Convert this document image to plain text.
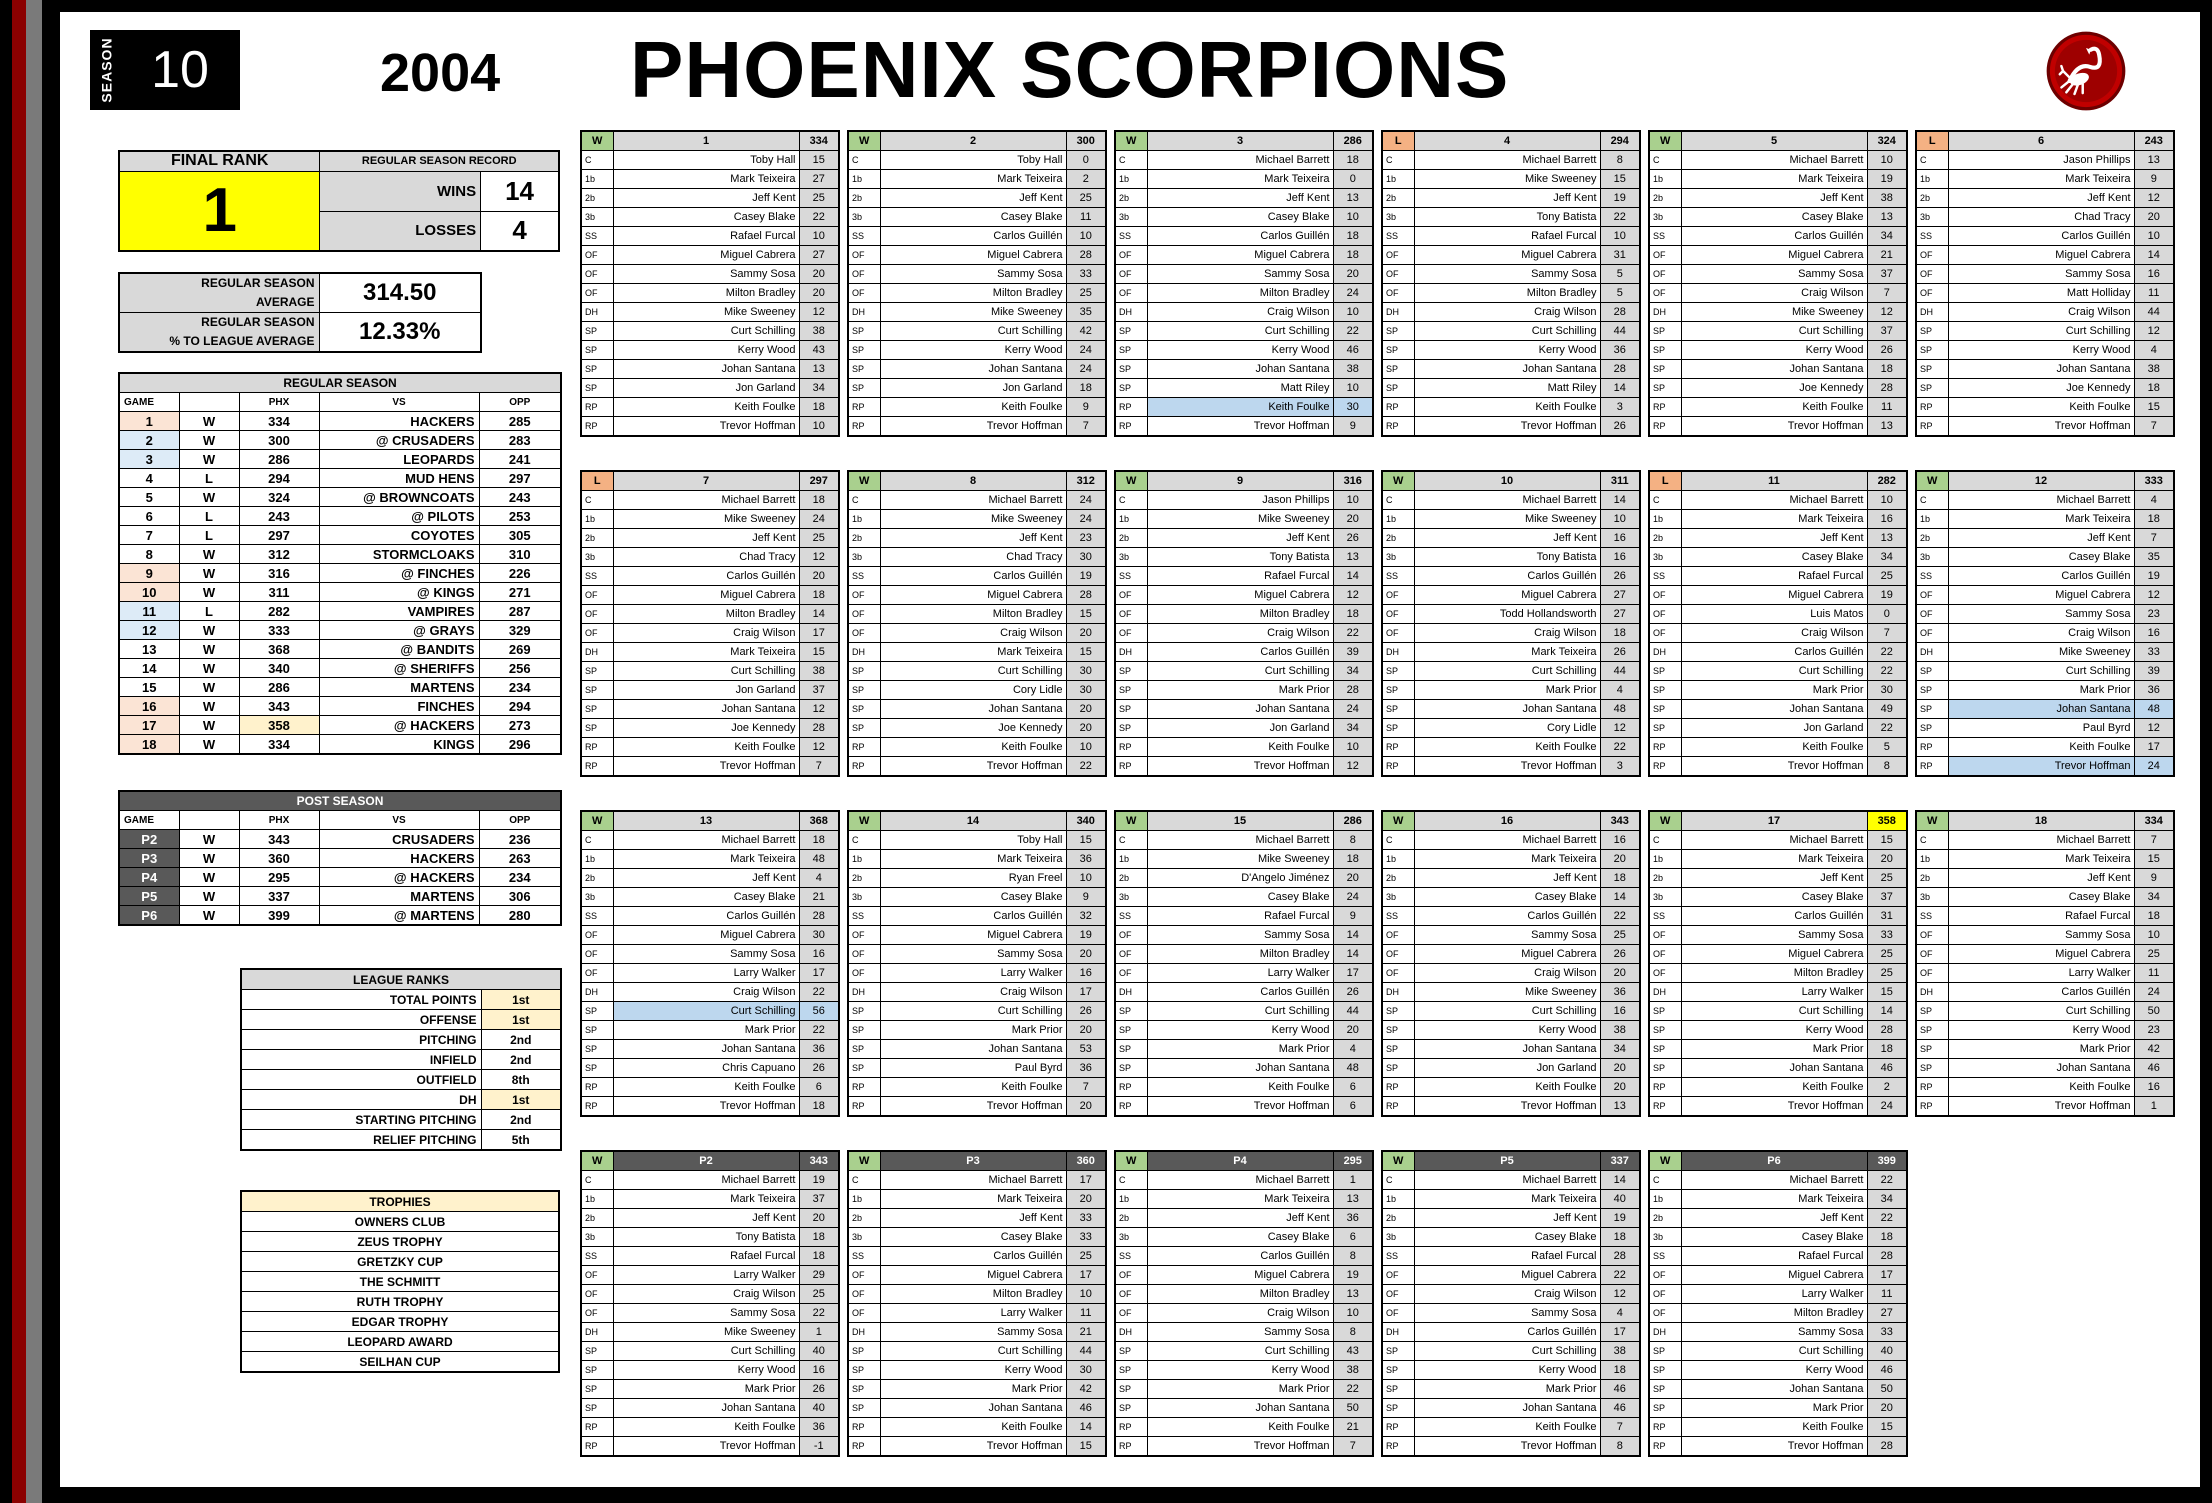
SEASON 10	2004 PHOENIX SCORPIONS
FINAL RANK	REGULAR SEASON RECORD	
1	WINS	14
	LOSSES	4
REGULAR SEASON
AVERAGE	314.50
REGULAR SEASON
% TO LEAGUE AVERAGE	12.33%
REGULAR SEASON				
GAME		PHX	VS	OPP
1	W	334	HACKERS	285
2	W	300	@ CRUSADERS	283
3	W	286	LEOPARDS	241
4	L	294	MUD HENS	297
5	W	324	@ BROWNCOATS	243
6	L	243	@ PILOTS	253
7	L	297	COYOTES	305
8	W	312	STORMCLOAKS	310
9	W	316	@ FINCHES	226
10	W	311	@ KINGS	271
11	L	282	VAMPIRES	287
12	W	333	@ GRAYS	329
13	W	368	@ BANDITS	269
14	W	340	@ SHERIFFS	256
15	W	286	MARTENS	234
16	W	343	FINCHES	294
17	W	358	@ HACKERS	273
18	W	334	KINGS	296
POST SEASON				
GAME		PHX	VS	OPP
P2	W	343	CRUSADERS	236
P3	W	360	HACKERS	263
P4	W	295	@ HACKERS	234
P5	W	337	MARTENS	306
P6	W	399	@ MARTENS	280
LEAGUE RANKS	
TOTAL POINTS	1st
OFFENSE	1st
PITCHING	2nd
INFIELD	2nd
OUTFIELD	8th
DH	1st
STARTING PITCHING	2nd
RELIEF PITCHING	5th
TROPHIES
OWNERS CLUB
ZEUS TROPHY
GRETZKY CUP
THE SCHMITT
RUTH TROPHY
EDGAR TROPHY
LEOPARD AWARD
SEILHAN CUP
W	1	334
C	Toby Hall	15
1b	Mark Teixeira	27
2b	Jeff Kent	25
3b	Casey Blake	22
SS	Rafael Furcal	10
OF	Miguel Cabrera	27
OF	Sammy Sosa	20
OF	Milton Bradley	20
DH	Mike Sweeney	12
SP	Curt Schilling	38
SP	Kerry Wood	43
SP	Johan Santana	13
SP	Jon Garland	34
RP	Keith Foulke	18
RP	Trevor Hoffman	10
W	2	300
C	Toby Hall	0
1b	Mark Teixeira	2
2b	Jeff Kent	25
3b	Casey Blake	11
SS	Carlos Guillén	10
OF	Miguel Cabrera	28
OF	Sammy Sosa	33
OF	Milton Bradley	25
DH	Mike Sweeney	35
SP	Curt Schilling	42
SP	Kerry Wood	24
SP	Johan Santana	24
SP	Jon Garland	18
RP	Keith Foulke	9
RP	Trevor Hoffman	7
W	3	286
C	Michael Barrett	18
1b	Mark Teixeira	0
2b	Jeff Kent	13
3b	Casey Blake	10
SS	Carlos Guillén	18
OF	Miguel Cabrera	18
OF	Sammy Sosa	20
OF	Milton Bradley	24
DH	Craig Wilson	10
SP	Curt Schilling	22
SP	Kerry Wood	46
SP	Johan Santana	38
SP	Matt Riley	10
RP	Keith Foulke	30
RP	Trevor Hoffman	9
L	4	294
C	Michael Barrett	8
1b	Mike Sweeney	15
2b	Jeff Kent	19
3b	Tony Batista	22
SS	Rafael Furcal	10
OF	Miguel Cabrera	31
OF	Sammy Sosa	5
OF	Milton Bradley	5
DH	Craig Wilson	28
SP	Curt Schilling	44
SP	Kerry Wood	36
SP	Johan Santana	28
SP	Matt Riley	14
RP	Keith Foulke	3
RP	Trevor Hoffman	26
W	5	324
C	Michael Barrett	10
1b	Mark Teixeira	19
2b	Jeff Kent	38
3b	Casey Blake	13
SS	Carlos Guillén	34
OF	Miguel Cabrera	21
OF	Sammy Sosa	37
OF	Craig Wilson	7
DH	Mike Sweeney	12
SP	Curt Schilling	37
SP	Kerry Wood	26
SP	Johan Santana	18
SP	Joe Kennedy	28
RP	Keith Foulke	11
RP	Trevor Hoffman	13
L	6	243
C	Jason Phillips	13
1b	Mark Teixeira	9
2b	Jeff Kent	12
3b	Chad Tracy	20
SS	Carlos Guillén	10
OF	Miguel Cabrera	14
OF	Sammy Sosa	16
OF	Matt Holliday	11
DH	Craig Wilson	44
SP	Curt Schilling	12
SP	Kerry Wood	4
SP	Johan Santana	38
SP	Joe Kennedy	18
RP	Keith Foulke	15
RP	Trevor Hoffman	7
L	7	297
C	Michael Barrett	18
1b	Mike Sweeney	24
2b	Jeff Kent	25
3b	Chad Tracy	12
SS	Carlos Guillén	20
OF	Miguel Cabrera	18
OF	Milton Bradley	14
OF	Craig Wilson	17
DH	Mark Teixeira	15
SP	Curt Schilling	38
SP	Jon Garland	37
SP	Johan Santana	12
SP	Joe Kennedy	28
RP	Keith Foulke	12
RP	Trevor Hoffman	7
W	8	312
C	Michael Barrett	24
1b	Mike Sweeney	24
2b	Jeff Kent	23
3b	Chad Tracy	30
SS	Carlos Guillén	19
OF	Miguel Cabrera	28
OF	Milton Bradley	15
OF	Craig Wilson	20
DH	Mark Teixeira	15
SP	Curt Schilling	30
SP	Cory Lidle	30
SP	Johan Santana	20
SP	Joe Kennedy	20
RP	Keith Foulke	10
RP	Trevor Hoffman	22
W	9	316
C	Jason Phillips	10
1b	Mike Sweeney	20
2b	Jeff Kent	26
3b	Tony Batista	13
SS	Rafael Furcal	14
OF	Miguel Cabrera	12
OF	Milton Bradley	18
OF	Craig Wilson	22
DH	Carlos Guillén	39
SP	Curt Schilling	34
SP	Mark Prior	28
SP	Johan Santana	24
SP	Jon Garland	34
RP	Keith Foulke	10
RP	Trevor Hoffman	12
W	10	311
C	Michael Barrett	14
1b	Mike Sweeney	10
2b	Jeff Kent	16
3b	Tony Batista	16
SS	Carlos Guillén	26
OF	Miguel Cabrera	27
OF	Todd Hollandsworth	27
OF	Craig Wilson	18
DH	Mark Teixeira	26
SP	Curt Schilling	44
SP	Mark Prior	4
SP	Johan Santana	48
SP	Cory Lidle	12
RP	Keith Foulke	22
RP	Trevor Hoffman	3
L	11	282
C	Michael Barrett	10
1b	Mark Teixeira	16
2b	Jeff Kent	13
3b	Casey Blake	34
SS	Rafael Furcal	25
OF	Miguel Cabrera	19
OF	Luis Matos	0
OF	Craig Wilson	7
DH	Carlos Guillén	22
SP	Curt Schilling	22
SP	Mark Prior	30
SP	Johan Santana	49
SP	Jon Garland	22
RP	Keith Foulke	5
RP	Trevor Hoffman	8
W	12	333
C	Michael Barrett	4
1b	Mark Teixeira	18
2b	Jeff Kent	7
3b	Casey Blake	35
SS	Carlos Guillén	19
OF	Miguel Cabrera	12
OF	Sammy Sosa	23
OF	Craig Wilson	16
DH	Mike Sweeney	33
SP	Curt Schilling	39
SP	Mark Prior	36
SP	Johan Santana	48
SP	Paul Byrd	12
RP	Keith Foulke	17
RP	Trevor Hoffman	24
W	13	368
C	Michael Barrett	18
1b	Mark Teixeira	48
2b	Jeff Kent	4
3b	Casey Blake	21
SS	Carlos Guillén	28
OF	Miguel Cabrera	30
OF	Sammy Sosa	16
OF	Larry Walker	17
DH	Craig Wilson	22
SP	Curt Schilling	56
SP	Mark Prior	22
SP	Johan Santana	36
SP	Chris Capuano	26
RP	Keith Foulke	6
RP	Trevor Hoffman	18
W	14	340
C	Toby Hall	15
1b	Mark Teixeira	36
2b	Ryan Freel	10
3b	Casey Blake	9
SS	Carlos Guillén	32
OF	Miguel Cabrera	19
OF	Sammy Sosa	20
OF	Larry Walker	16
DH	Craig Wilson	17
SP	Curt Schilling	26
SP	Mark Prior	20
SP	Johan Santana	53
SP	Paul Byrd	36
RP	Keith Foulke	7
RP	Trevor Hoffman	20
W	15	286
C	Michael Barrett	8
1b	Mike Sweeney	18
2b	D'Angelo Jiménez	20
3b	Casey Blake	24
SS	Rafael Furcal	9
OF	Sammy Sosa	14
OF	Milton Bradley	14
OF	Larry Walker	17
DH	Carlos Guillén	26
SP	Curt Schilling	44
SP	Kerry Wood	20
SP	Mark Prior	4
SP	Johan Santana	48
RP	Keith Foulke	6
RP	Trevor Hoffman	6
W	16	343
C	Michael Barrett	16
1b	Mark Teixeira	20
2b	Jeff Kent	18
3b	Casey Blake	14
SS	Carlos Guillén	22
OF	Sammy Sosa	25
OF	Miguel Cabrera	26
OF	Craig Wilson	20
DH	Mike Sweeney	36
SP	Curt Schilling	16
SP	Kerry Wood	38
SP	Johan Santana	34
SP	Jon Garland	20
RP	Keith Foulke	20
RP	Trevor Hoffman	13
W	17	358
C	Michael Barrett	15
1b	Mark Teixeira	20
2b	Jeff Kent	25
3b	Casey Blake	37
SS	Carlos Guillén	31
OF	Sammy Sosa	33
OF	Miguel Cabrera	25
OF	Milton Bradley	25
DH	Larry Walker	15
SP	Curt Schilling	14
SP	Kerry Wood	28
SP	Mark Prior	18
SP	Johan Santana	46
RP	Keith Foulke	2
RP	Trevor Hoffman	24
W	18	334
C	Michael Barrett	7
1b	Mark Teixeira	15
2b	Jeff Kent	9
3b	Casey Blake	34
SS	Rafael Furcal	18
OF	Sammy Sosa	10
OF	Miguel Cabrera	25
OF	Larry Walker	11
DH	Carlos Guillén	24
SP	Curt Schilling	50
SP	Kerry Wood	23
SP	Mark Prior	42
SP	Johan Santana	46
RP	Keith Foulke	16
RP	Trevor Hoffman	1
W	P2	343
C	Michael Barrett	19
1b	Mark Teixeira	37
2b	Jeff Kent	20
3b	Tony Batista	18
SS	Rafael Furcal	18
OF	Larry Walker	29
OF	Craig Wilson	25
OF	Sammy Sosa	22
DH	Mike Sweeney	1
SP	Curt Schilling	40
SP	Kerry Wood	16
SP	Mark Prior	26
SP	Johan Santana	40
RP	Keith Foulke	36
RP	Trevor Hoffman	-1
W	P3	360
C	Michael Barrett	17
1b	Mark Teixeira	20
2b	Jeff Kent	33
3b	Casey Blake	33
SS	Carlos Guillén	25
OF	Miguel Cabrera	17
OF	Milton Bradley	10
OF	Larry Walker	11
DH	Sammy Sosa	21
SP	Curt Schilling	44
SP	Kerry Wood	30
SP	Mark Prior	42
SP	Johan Santana	46
RP	Keith Foulke	14
RP	Trevor Hoffman	15
W	P4	295
C	Michael Barrett	1
1b	Mark Teixeira	13
2b	Jeff Kent	36
3b	Casey Blake	6
SS	Carlos Guillén	8
OF	Miguel Cabrera	19
OF	Milton Bradley	13
OF	Craig Wilson	10
DH	Sammy Sosa	8
SP	Curt Schilling	43
SP	Kerry Wood	38
SP	Mark Prior	22
SP	Johan Santana	50
RP	Keith Foulke	21
RP	Trevor Hoffman	7
W	P5	337
C	Michael Barrett	14
1b	Mark Teixeira	40
2b	Jeff Kent	19
3b	Casey Blake	18
SS	Rafael Furcal	28
OF	Miguel Cabrera	22
OF	Craig Wilson	12
OF	Sammy Sosa	4
DH	Carlos Guillén	17
SP	Curt Schilling	38
SP	Kerry Wood	18
SP	Mark Prior	46
SP	Johan Santana	46
RP	Keith Foulke	7
RP	Trevor Hoffman	8
W	P6	399
C	Michael Barrett	22
1b	Mark Teixeira	34
2b	Jeff Kent	22
3b	Casey Blake	18
SS	Rafael Furcal	28
OF	Miguel Cabrera	17
OF	Larry Walker	11
OF	Milton Bradley	27
DH	Sammy Sosa	33
SP	Curt Schilling	40
SP	Kerry Wood	46
SP	Johan Santana	50
SP	Mark Prior	20
RP	Keith Foulke	15
RP	Trevor Hoffman	28
